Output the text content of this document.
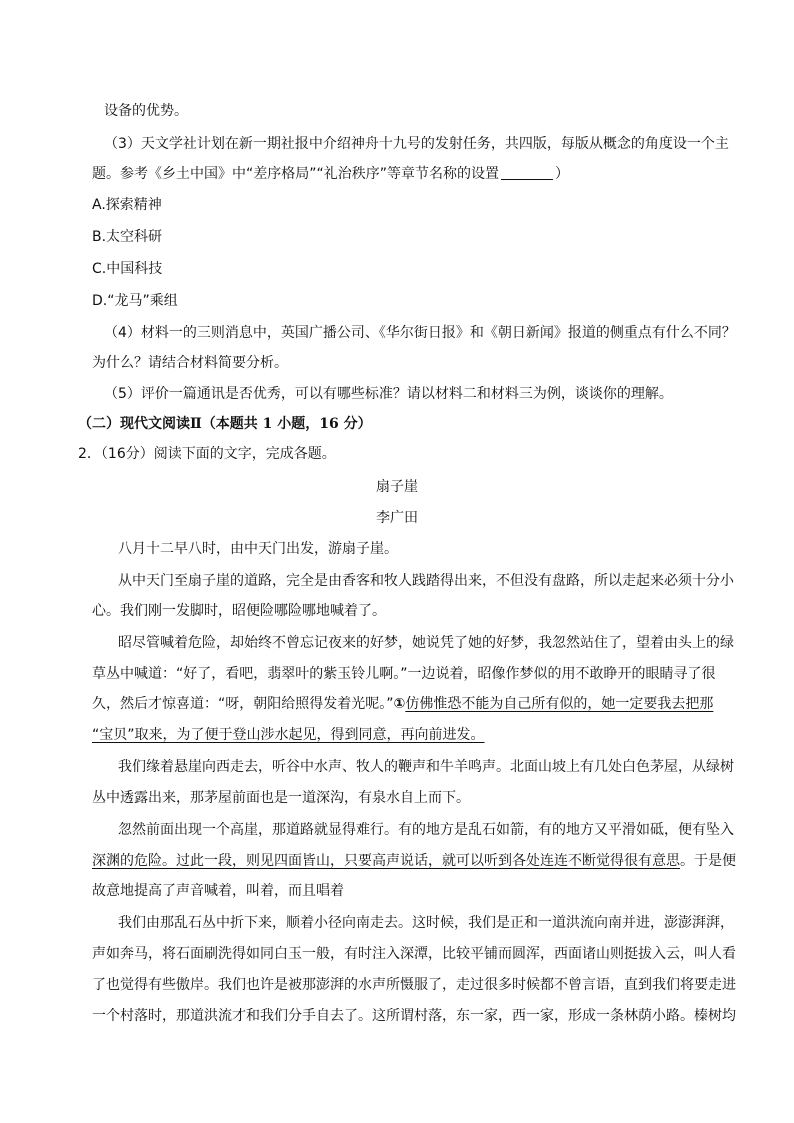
设备的优势。
（3）天文学社计划在新一期社报中介绍神舟十九号的发射任务，共四版，每版从概念的角度设一个主
题。参考《乡土中国》中“差序格局”“礼治秩序”等章节名称的设置	）
A.探索精神
B.太空科研
C.中国科技
D.“龙马”乘组
（4）材料一的三则消息中，英国广播公司、《华尔街日报》和《朝日新闻》报道的侧重点有什么不同？
为什么？请结合材料简要分析。
（5）评价一篇通讯是否优秀，可以有哪些标准？请以材料二和材料三为例，谈谈你的理解。
（二）现代文阅读Ⅱ（本题共 1 小题，16 分）
2．（16分）阅读下面的文字，完成各题。
扇子崖
李广田
八月十二早八时，由中天门出发，游扇子崖。
从中天门至扇子崖的道路，完全是由香客和牧人践踏得出来，不但没有盘路，所以走起来必须十分小
心。我们刚一发脚时，昭便险哪险哪地喊着了。
昭尽管喊着危险，却始终不曾忘记夜来的好梦，她说凭了她的好梦，我忽然站住了，望着由头上的绿
草丛中喊道：“好了，看吧，翡翠叶的紫玉铃儿啊。”一边说着，昭像作梦似的用不敢睁开的眼睛寻了很
久，然后才惊喜道：“呀，朝阳给照得发着光呢。”①仿佛惟恐不能为自己所有似的，她一定要我去把那
“宝贝”取来，为了便于登山涉水起见，得到同意，再向前进发。
我们缘着悬崖向西走去，听谷中水声、牧人的鞭声和牛羊鸣声。北面山坡上有几处白色茅屋，从绿树
丛中透露出来，那茅屋前面也是一道深沟，有泉水自上而下。
忽然前面出现一个高崖，那道路就显得难行。有的地方是乱石如箭，有的地方又平滑如砥，便有坠入
深渊的危险。过此一段，则见四面皆山，只要高声说话，就可以听到各处连连不断觉得很有意思。于是便
故意地提高了声音喊着，叫着，而且唱着
我们由那乱石丛中折下来，顺着小径向南走去。这时候，我们是正和一道洪流向南并进，澎澎湃湃，
声如奔马，将石面刷洗得如同白玉一般，有时注入深潭，比较平铺而圆浑，西面诸山则挺拔入云，叫人看
了也觉得有些傲岸。我们也许是被那澎湃的水声所慑服了，走过很多时候都不曾言语，直到我们将要走进
一个村落时，那道洪流才和我们分手自去了。这所谓村落，东一家，西一家，形成一条林荫小路。榛树均
